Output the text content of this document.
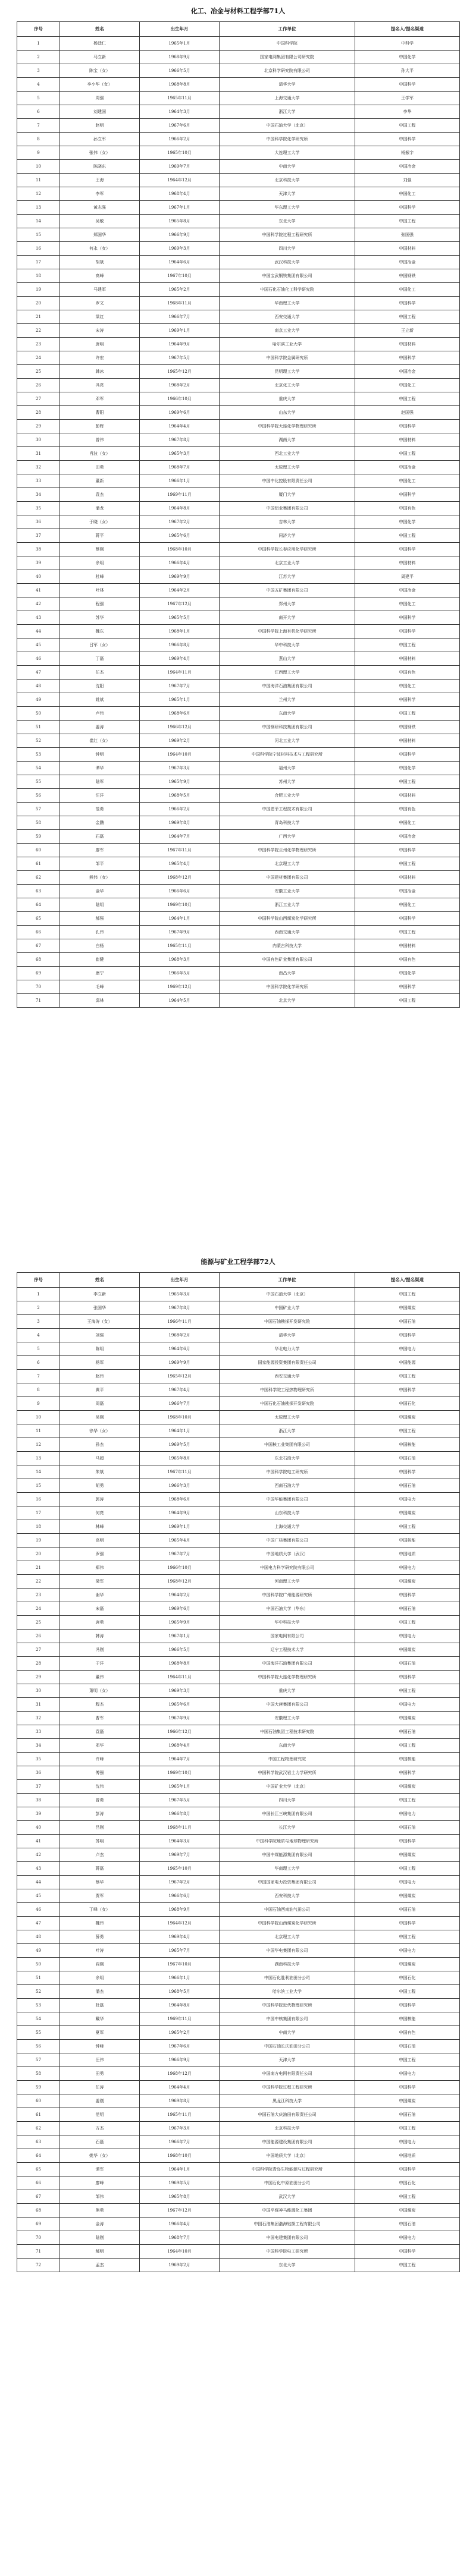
化工、冶金与材料工程学部71人
序号	姓名	出生年月	工作单位	提名人/提名渠道
1	杨廷仁	1965年1月	中国科学院	中科学
2	马立新	1968年9月	国家电网集团有限公司研究院	中国化学
3	陈宝（女）	1966年5月	北京科学研究院有限公司	孙大平
4	李小华（女）	1968年8月	清华大学	中国科学
5	周强	1965年11月	上海交通大学	王学军
6	刘建国	1964年3月	浙江大学	李华
7	赵明	1967年6月	中国石油大学（北京）	中国工程
8	孙立军	1966年2月	中国科学院化学研究所	中国科学
9	张伟（女）	1965年10月	大连理工大学	杨振宇
10	陈晓东	1969年7月	中南大学	中国冶金
11	王海	1964年12月	北京科技大学	刘强
12	李军	1968年4月	天津大学	中国化工
13	黄志强	1967年1月	华东理工大学	中国科学
14	吴敏	1965年8月	东北大学	中国工程
15	郑国华	1966年9月	中国科学院过程工程研究所	张国强
16	何永（女）	1969年3月	四川大学	中国材料
17	胡斌	1964年6月	武汉科技大学	中国冶金
18	高峰	1967年10月	中国宝武钢铁集团有限公司	中国钢铁
19	马建军	1965年2月	中国石化石油化工科学研究院	中国化工
20	罗文	1968年11月	华南理工大学	中国科学
21	梁红	1966年7月	西安交通大学	中国工程
22	宋涛	1969年1月	南京工业大学	王立新
23	唐明	1964年9月	哈尔滨工业大学	中国材料
24	许宏	1967年5月	中国科学院金属研究所	中国科学
25	韩冰	1965年12月	昆明理工大学	中国冶金
26	冯亮	1968年2月	北京化工大学	中国化工
27	邓军	1966年10月	重庆大学	中国工程
28	曹阳	1969年6月	山东大学	赵国强
29	彭辉	1964年4月	中国科学院大连化学物理研究所	中国科学
30	曾伟	1967年8月	湖南大学	中国材料
31	肖波（女）	1965年3月	西北工业大学	中国工程
32	田勇	1968年7月	太原理工大学	中国冶金
33	董新	1966年1月	中国中化控股有限责任公司	中国化工
34	袁杰	1969年11月	厦门大学	中国科学
35	潘龙	1964年8月	中国铝业集团有限公司	中国有色
36	于晓（女）	1967年2月	吉林大学	中国化学
37	蒋平	1965年6月	同济大学	中国工程
38	蔡刚	1968年10月	中国科学院长春应用化学研究所	中国科学
39	余明	1966年4月	北京工业大学	中国材料
40	杜峰	1969年9月	江苏大学	周建平
41	叶林	1964年2月	中国五矿集团有限公司	中国冶金
42	程强	1967年12月	郑州大学	中国化工
43	苏华	1965年5月	南开大学	中国科学
44	魏东	1968年1月	中国科学院上海有机化学研究所	中国科学
45	吕军（女）	1966年8月	华中科技大学	中国工程
46	丁磊	1969年4月	燕山大学	中国材料
47	任杰	1964年11月	江西理工大学	中国有色
48	沈阳	1967年7月	中国海洋石油集团有限公司	中国化工
49	姚斌	1965年1月	兰州大学	中国科学
50	卢伟	1968年6月	东南大学	中国工程
51	姜涛	1966年12月	中国钢研科技集团有限公司	中国钢铁
52	崔红（女）	1969年2月	河北工业大学	中国材料
53	钟明	1964年10月	中国科学院宁波材料技术与工程研究所	中国科学
54	谭华	1967年3月	福州大学	中国化学
55	陆军	1965年9月	苏州大学	中国工程
56	汪洋	1968年5月	合肥工业大学	中国材料
57	范勇	1966年2月	中国恩菲工程技术有限公司	中国有色
58	金鹏	1969年8月	青岛科技大学	中国化工
59	石磊	1964年7月	广西大学	中国冶金
60	廖军	1967年11月	中国科学院兰州化学物理研究所	中国科学
61	邹平	1965年4月	北京理工大学	中国工程
62	熊伟（女）	1968年12月	中国建材集团有限公司	中国材料
63	金华	1966年6月	安徽工业大学	中国冶金
64	陆明	1969年10月	浙江工业大学	中国化工
65	郝强	1964年1月	中国科学院山西煤炭化学研究所	中国科学
66	孔伟	1967年9月	西南交通大学	中国工程
67	白杨	1965年11月	内蒙古科技大学	中国材料
68	崔健	1968年3月	中国有色矿业集团有限公司	中国有色
69	康宁	1966年5月	南昌大学	中国化学
70	毛峰	1969年12月	中国科学院化学研究所	中国科学
71	邱林	1964年5月	北京大学	中国工程
能源与矿业工程学部72人
序号	姓名	出生年月	工作单位	提名人/提名渠道
1	李立新	1965年3月	中国石油大学（北京）	中国工程
2	张国华	1967年8月	中国矿业大学	中国煤炭
3	王海涛（女）	1966年11月	中国石油勘探开发研究院	中国石油
4	刘强	1968年2月	清华大学	中国科学
5	陈明	1964年6月	华北电力大学	中国电力
6	杨军	1969年9月	国家能源投资集团有限责任公司	中国能源
7	赵伟	1965年12月	西安交通大学	中国工程
8	黄平	1967年4月	中国科学院工程热物理研究所	中国科学
9	周磊	1966年7月	中国石化石油勘探开发研究院	中国石化
10	吴刚	1968年10月	太原理工大学	中国煤炭
11	徐华（女）	1964年1月	浙江大学	中国工程
12	孙杰	1969年5月	中国核工业集团有限公司	中国核能
13	马超	1965年8月	东北石油大学	中国石油
14	朱斌	1967年11月	中国科学院电工研究所	中国科学
15	胡勇	1966年3月	西南石油大学	中国石油
16	郭涛	1968年6月	中国华能集团有限公司	中国电力
17	何亮	1964年9月	山东科技大学	中国煤炭
18	林峰	1969年1月	上海交通大学	中国工程
19	高明	1965年4月	中国广核集团有限公司	中国核能
20	罗强	1967年7月	中国地质大学（武汉）	中国地质
21	郑伟	1966年10月	中国电力科学研究院有限公司	中国电力
22	梁军	1968年12月	河南理工大学	中国煤炭
23	谢华	1964年2月	中国科学院广州能源研究所	中国科学
24	宋磊	1969年6月	中国石油大学（华东）	中国石油
25	唐勇	1965年9月	华中科技大学	中国工程
26	韩涛	1967年1月	国家电网有限公司	中国电力
27	冯刚	1966年5月	辽宁工程技术大学	中国煤炭
28	于洋	1968年8月	中国海洋石油集团有限公司	中国石油
29	董伟	1964年11月	中国科学院大连化学物理研究所	中国科学
30	萧明（女）	1969年3月	重庆大学	中国工程
31	程杰	1965年6月	中国大唐集团有限公司	中国电力
32	曹军	1967年9月	安徽理工大学	中国煤炭
33	袁磊	1966年12月	中国石油集团工程技术研究院	中国石油
34	邓华	1968年4月	东南大学	中国工程
35	许峰	1964年7月	中国工程物理研究院	中国核能
36	傅强	1969年10月	中国科学院武汉岩土力学研究所	中国科学
37	沈伟	1965年1月	中国矿业大学（北京）	中国煤炭
38	曾勇	1967年5月	四川大学	中国工程
39	彭涛	1966年8月	中国长江三峡集团有限公司	中国电力
40	吕刚	1968年11月	长江大学	中国石油
41	苏明	1964年3月	中国科学院地质与地球物理研究所	中国科学
42	卢杰	1969年7月	中国中煤能源集团有限公司	中国煤炭
43	蒋磊	1965年10月	华南理工大学	中国工程
44	蔡华	1967年2月	中国国家电力投资集团有限公司	中国电力
45	贾军	1966年6月	西安科技大学	中国煤炭
46	丁峰（女）	1968年9月	中国石油西南油气田公司	中国石油
47	魏伟	1964年12月	中国科学院山西煤炭化学研究所	中国科学
48	薛勇	1969年4月	北京理工大学	中国工程
49	叶涛	1965年7月	中国华电集团有限公司	中国电力
50	阎刚	1967年10月	湖南科技大学	中国煤炭
51	余明	1966年1月	中国石化胜利油田分公司	中国石化
52	潘杰	1968年5月	哈尔滨工业大学	中国工程
53	杜磊	1964年8月	中国科学院近代物理研究所	中国科学
54	戴华	1969年11月	中国中核集团有限公司	中国核能
55	夏军	1965年2月	中南大学	中国有色
56	钟峰	1967年6月	中国石油长庆油田分公司	中国石油
57	汪伟	1966年9月	天津大学	中国工程
58	田勇	1968年12月	中国南方电网有限责任公司	中国电力
59	任涛	1964年4月	中国科学院过程工程研究所	中国科学
60	姜刚	1969年8月	黑龙江科技大学	中国煤炭
61	范明	1965年11月	中国石油大庆油田有限责任公司	中国石油
62	方杰	1967年3月	北京科技大学	中国工程
63	石磊	1966年7月	中国能源建设集团有限公司	中国电力
64	姚华（女）	1968年10月	中国地质大学（北京）	中国地质
65	谭军	1964年1月	中国科学院青岛生物能源与过程研究所	中国科学
66	廖峰	1969年5月	中国石化中原油田分公司	中国石化
67	邹伟	1965年8月	武汉大学	中国工程
68	熊勇	1967年12月	中国平煤神马能源化工集团	中国煤炭
69	金涛	1966年4月	中国石油集团渤海钻探工程有限公司	中国石油
70	陆刚	1968年7月	中国电建集团有限公司	中国电力
71	郝明	1964年10月	中国科学院电工研究所	中国科学
72	孟杰	1969年2月	东北大学	中国工程
